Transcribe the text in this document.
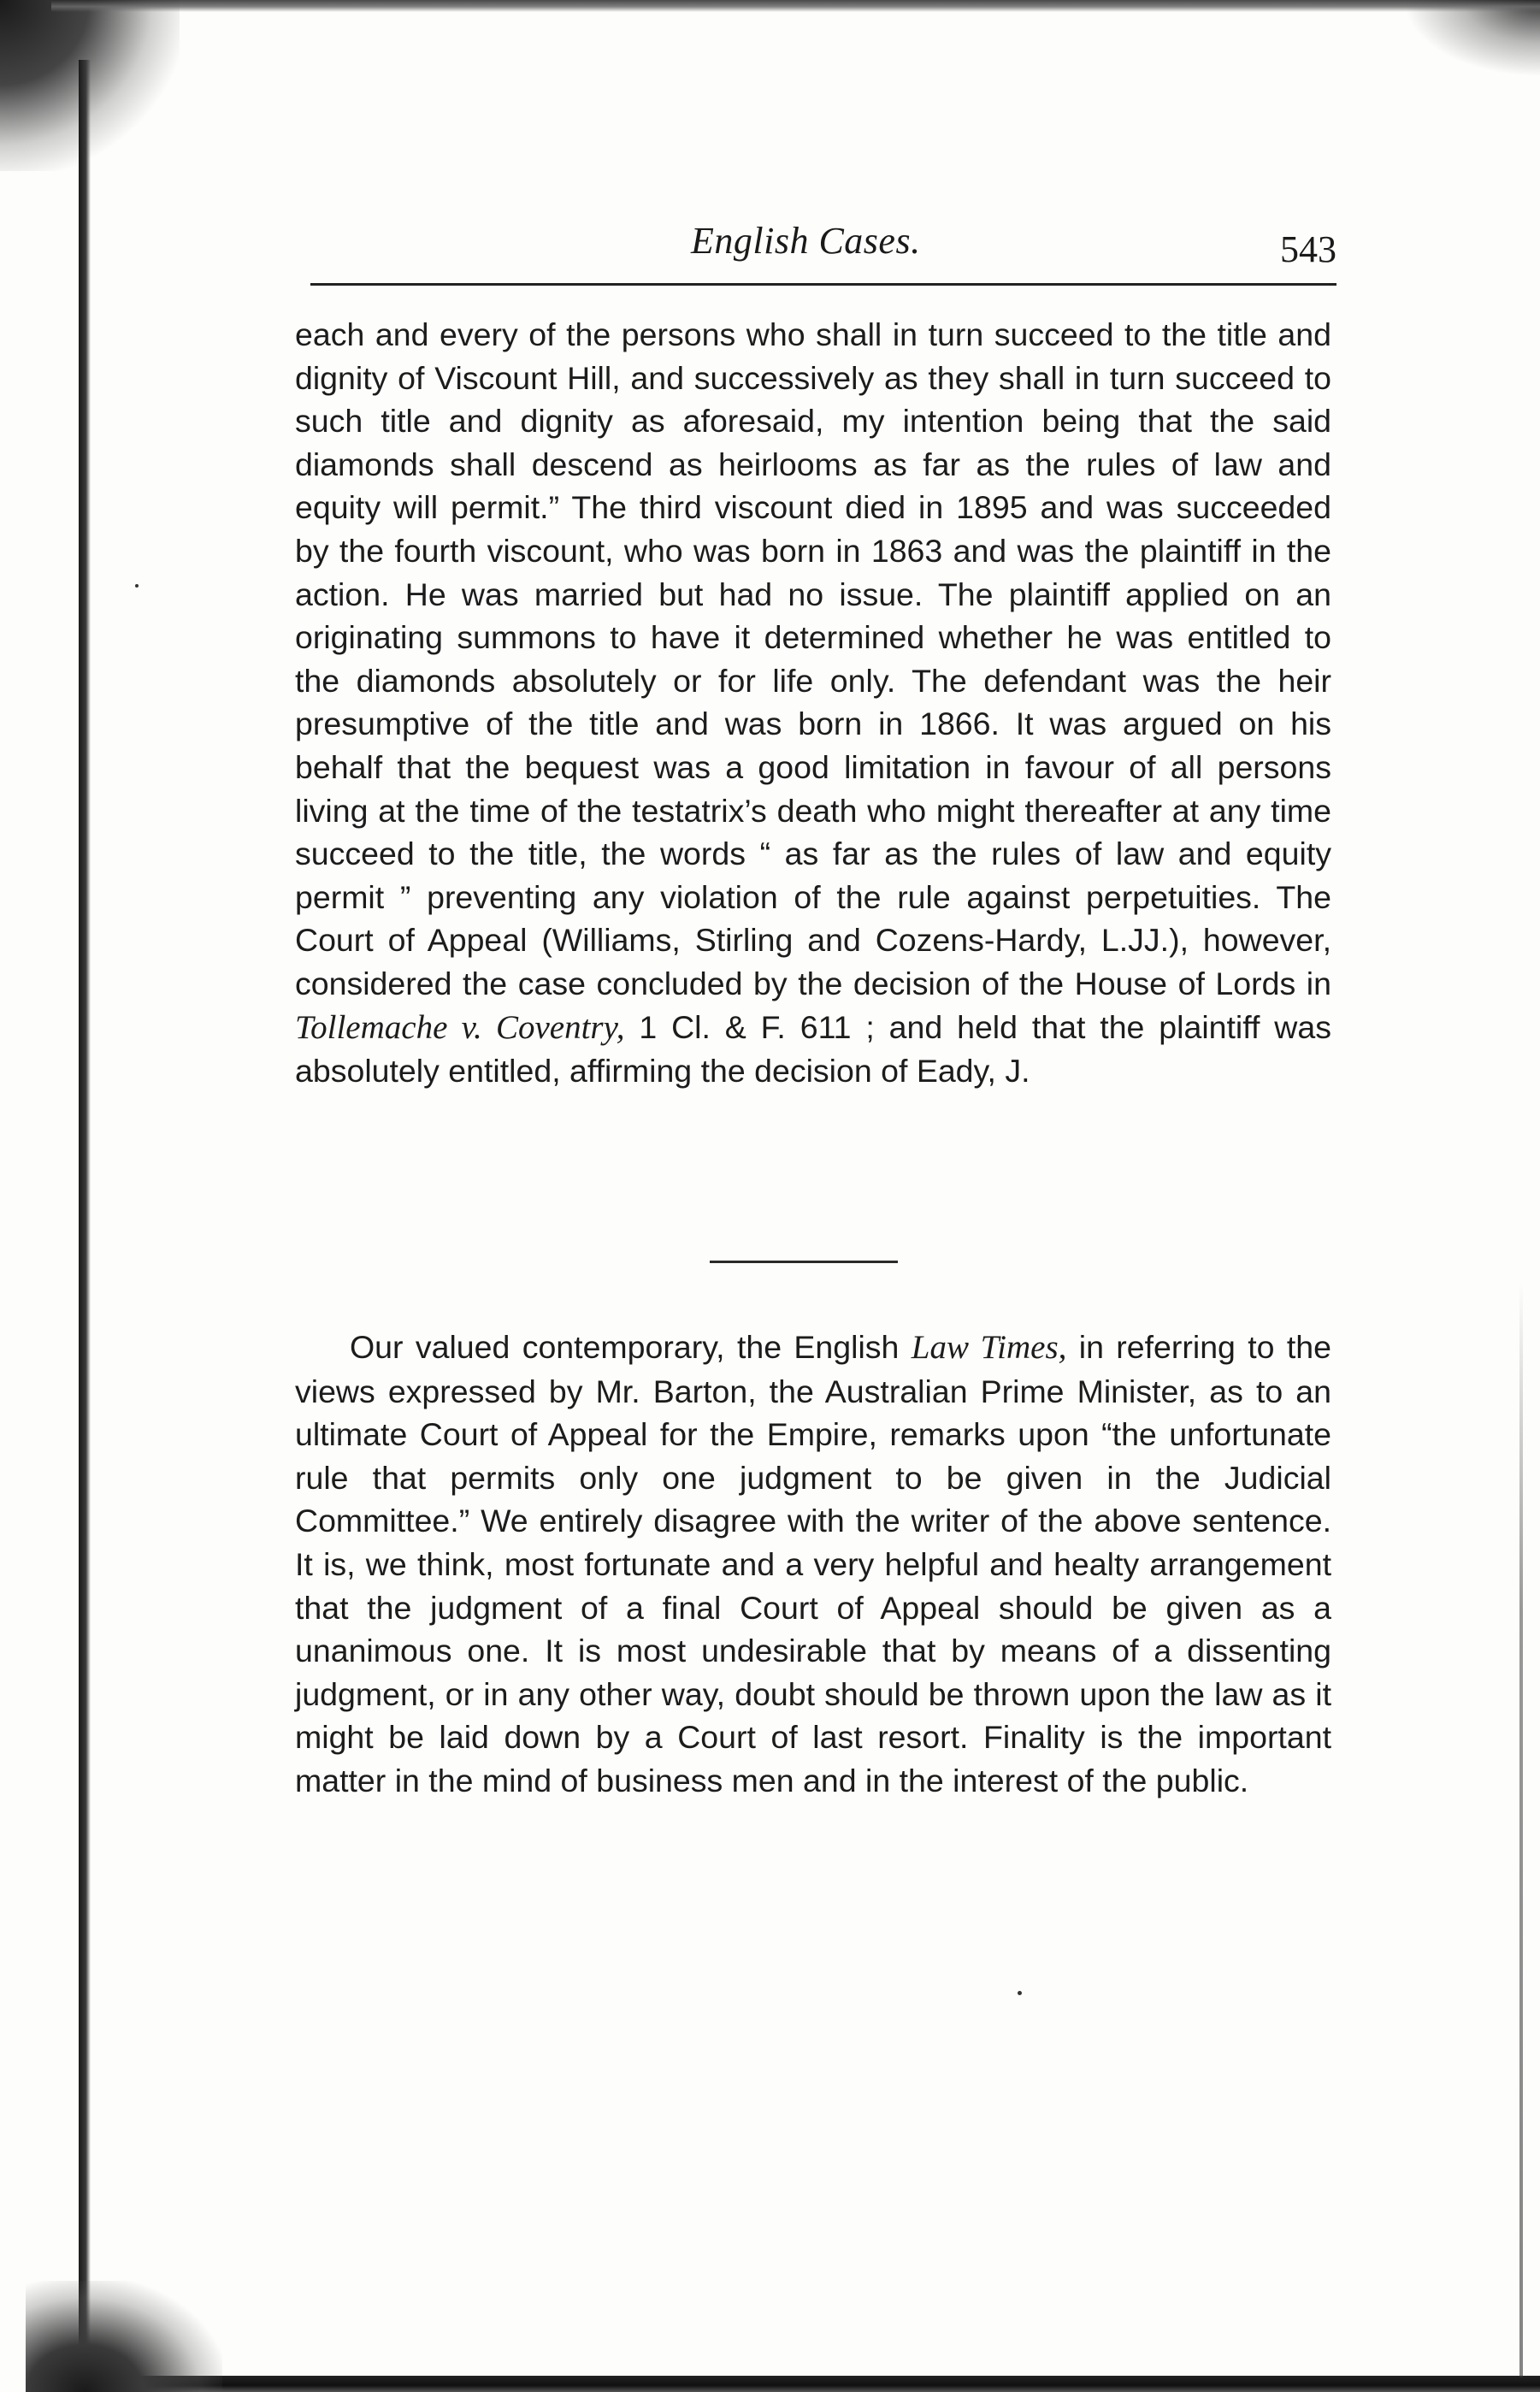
English Cases.	543
each and every of the persons who shall in turn succeed to the title and dignity of Viscount Hill, and successively as they shall in turn succeed to such title and dignity as aforesaid, my intention being that the said diamonds shall descend as heirlooms as far as the rules of law and equity will permit.” The third viscount died in 1895 and was succeeded by the fourth viscount, who was born in 1863 and was the plaintiff in the action. He was married but had no issue. The plaintiff applied on an originating summons to have it determined whether he was entitled to the diamonds absolutely or for life only. The defendant was the heir presumptive of the title and was born in 1866. It was argued on his behalf that the bequest was a good limitation in favour of all persons living at the time of the testatrix’s death who might thereafter at any time succeed to the title, the words “ as far as the rules of law and equity permit ” preventing any violation of the rule against perpetuities. The Court of Appeal (Williams, Stirling and Cozens-Hardy, L.JJ.), however, considered the case concluded by the decision of the House of Lords in Tollemache v. Coventry, 1 Cl. & F. 611 ; and held that the plaintiff was absolutely entitled, affirming the decision of Eady, J.
Our valued contemporary, the English Law Times, in referring to the views expressed by Mr. Barton, the Australian Prime Minister, as to an ultimate Court of Appeal for the Empire, remarks upon “the unfortunate rule that permits only one judgment to be given in the Judicial Committee.” We entirely disagree with the writer of the above sentence. It is, we think, most fortunate and a very helpful and healty arrangement that the judgment of a final Court of Appeal should be given as a unanimous one. It is most undesirable that by means of a dissenting judgment, or in any other way, doubt should be thrown upon the law as it might be laid down by a Court of last resort. Finality is the important matter in the mind of business men and in the interest of the public.
